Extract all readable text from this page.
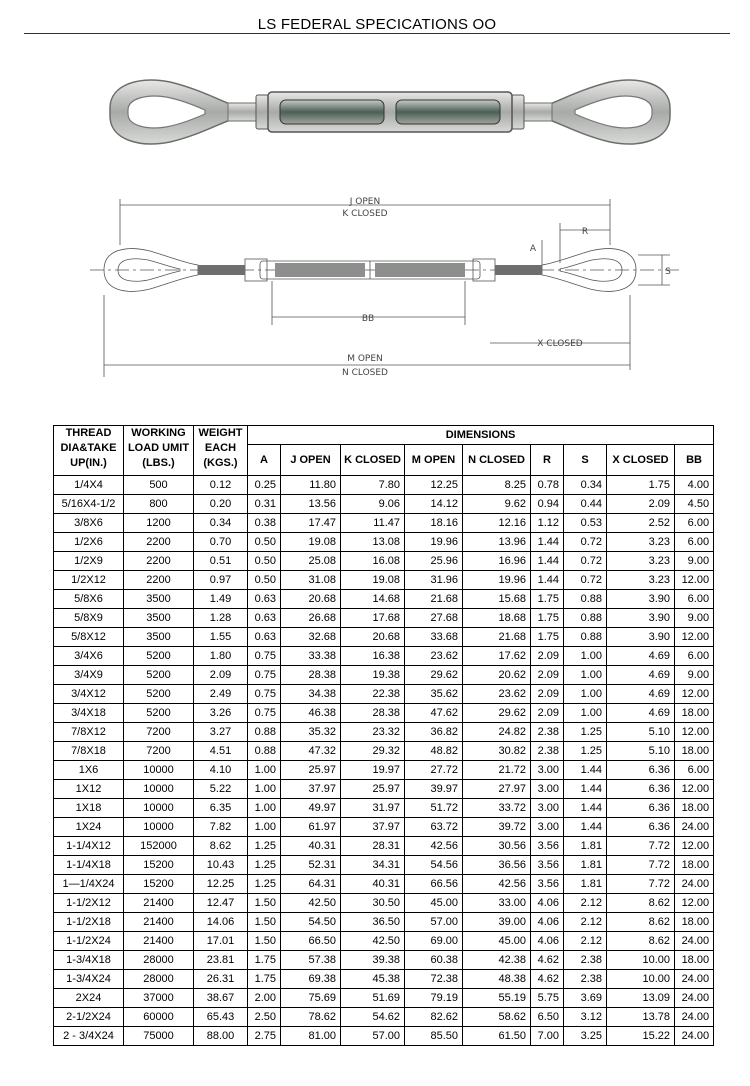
LS FEDERAL SPECICATIONS OO
J OPEN
K CLOSED
A
R
S
BB
X CLOSED
M OPEN
N CLOSED
THREAD DIA&TAKE UP(IN.)	WORKING LOAD UMIT (LBS.)	WEIGHT EACH (KGS.)	DIMENSIONS								
			A	J OPEN	K CLOSED	M OPEN	N CLOSED	R	S	X CLOSED	BB
1/4X4	500	0.12	0.25	11.80	7.80	12.25	8.25	0.78	0.34	1.75	4.00
5/16X4-1/2	800	0.20	0.31	13.56	9.06	14.12	9.62	0.94	0.44	2.09	4.50
3/8X6	1200	0.34	0.38	17.47	11.47	18.16	12.16	1.12	0.53	2.52	6.00
1/2X6	2200	0.70	0.50	19.08	13.08	19.96	13.96	1.44	0.72	3.23	6.00
1/2X9	2200	0.51	0.50	25.08	16.08	25.96	16.96	1.44	0.72	3.23	9.00
1/2X12	2200	0.97	0.50	31.08	19.08	31.96	19.96	1.44	0.72	3.23	12.00
5/8X6	3500	1.49	0.63	20.68	14.68	21.68	15.68	1.75	0.88	3.90	6.00
5/8X9	3500	1.28	0.63	26.68	17.68	27.68	18.68	1.75	0.88	3.90	9.00
5/8X12	3500	1.55	0.63	32.68	20.68	33.68	21.68	1.75	0.88	3.90	12.00
3/4X6	5200	1.80	0.75	33.38	16.38	23.62	17.62	2.09	1.00	4.69	6.00
3/4X9	5200	2.09	0.75	28.38	19.38	29.62	20.62	2.09	1.00	4.69	9.00
3/4X12	5200	2.49	0.75	34.38	22.38	35.62	23.62	2.09	1.00	4.69	12.00
3/4X18	5200	3.26	0.75	46.38	28.38	47.62	29.62	2.09	1.00	4.69	18.00
7/8X12	7200	3.27	0.88	35.32	23.32	36.82	24.82	2.38	1.25	5.10	12.00
7/8X18	7200	4.51	0.88	47.32	29.32	48.82	30.82	2.38	1.25	5.10	18.00
1X6	10000	4.10	1.00	25.97	19.97	27.72	21.72	3.00	1.44	6.36	6.00
1X12	10000	5.22	1.00	37.97	25.97	39.97	27.97	3.00	1.44	6.36	12.00
1X18	10000	6.35	1.00	49.97	31.97	51.72	33.72	3.00	1.44	6.36	18.00
1X24	10000	7.82	1.00	61.97	37.97	63.72	39.72	3.00	1.44	6.36	24.00
1-1/4X12	152000	8.62	1.25	40.31	28.31	42.56	30.56	3.56	1.81	7.72	12.00
1-1/4X18	15200	10.43	1.25	52.31	34.31	54.56	36.56	3.56	1.81	7.72	18.00
1—1/4X24	15200	12.25	1.25	64.31	40.31	66.56	42.56	3.56	1.81	7.72	24.00
1-1/2X12	21400	12.47	1.50	42.50	30.50	45.00	33.00	4.06	2.12	8.62	12.00
1-1/2X18	21400	14.06	1.50	54.50	36.50	57.00	39.00	4.06	2.12	8.62	18.00
1-1/2X24	21400	17.01	1.50	66.50	42.50	69.00	45.00	4.06	2.12	8.62	24.00
1-3/4X18	28000	23.81	1.75	57.38	39.38	60.38	42.38	4.62	2.38	10.00	18.00
1-3/4X24	28000	26.31	1.75	69.38	45.38	72.38	48.38	4.62	2.38	10.00	24.00
2X24	37000	38.67	2.00	75.69	51.69	79.19	55.19	5.75	3.69	13.09	24.00
2-1/2X24	60000	65.43	2.50	78.62	54.62	82.62	58.62	6.50	3.12	13.78	24.00
2 - 3/4X24	75000	88.00	2.75	81.00	57.00	85.50	61.50	7.00	3.25	15.22	24.00
